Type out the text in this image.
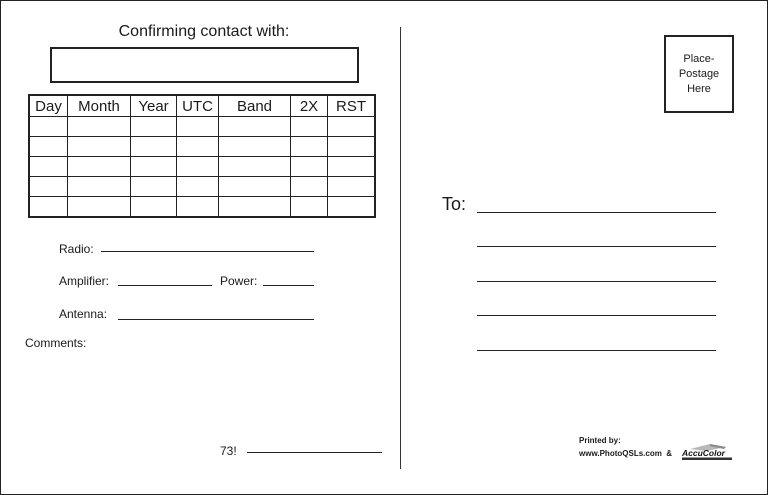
Confirming contact with:
Day	Month	Year	UTC	Band	2X	RST

Radio:
Amplifier:	Power:
Antenna:
Comments:
73!
Place-
Postage
Here
To:
Printed by:
www.PhotoQSLs.com & AccuColor
